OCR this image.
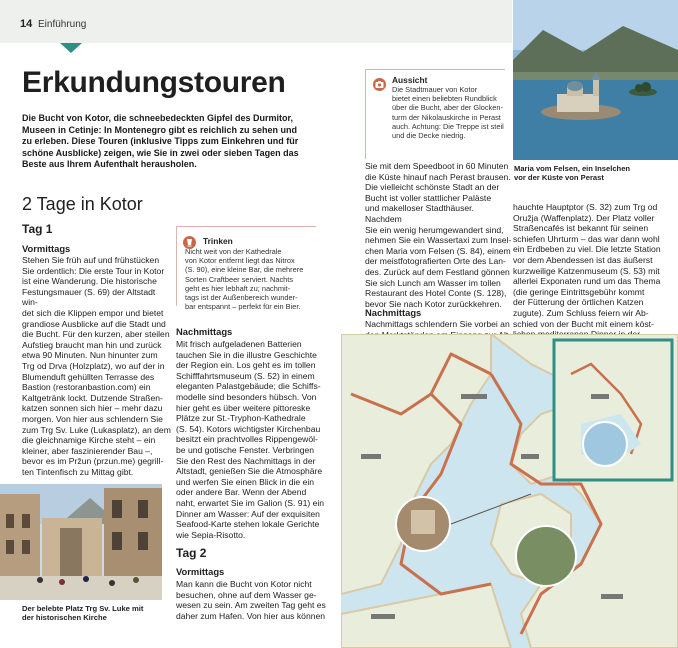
14 Einführung
Erkundungstouren
Die Bucht von Kotor, die schneebedeckten Gipfel des Durmitor,
Museen in Cetinje: In Montenegro gibt es reichlich zu sehen und
zu erleben. Diese Touren (inklusive Tipps zum Einkehren und für
schöne Ausblicke) zeigen, wie Sie in zwei oder sieben Tagen das
Beste aus Ihrem Aufenthalt herausholen.
2 Tage in Kotor
Tag 1
Vormittags
Stehen Sie früh auf und frühstücken
Sie ordentlich: Die erste Tour in Kotor
ist eine Wanderung. Die historische
Festungsmauer (S. 69) der Altstadt win-
det sich die Klippen empor und bietet
grandiose Ausblicke auf die Stadt und
die Bucht. Für den kurzen, aber steilen
Aufstieg braucht man hin und zurück
etwa 90 Minuten. Nun hinunter zum
Trg od Drva (Holzplatz), wo auf der in
Blumenduft gehüllten Terrasse des
Bastion (restoranbastion.com) ein
Kaltgetränk lockt. Dutzende Straßen-
katzen sonnen sich hier – mehr dazu
morgen. Von hier aus schlendern Sie
zum Trg Sv. Luke (Lukasplatz), an dem
die gleichnamige Kirche steht – ein
kleiner, aber faszinierender Bau –,
bevor es im Pržun (przun.me) gegrill-
ten Tintenfisch zu Mittag gibt.
Der belebte Platz Trg Sv. Luke mit
der historischen Kirche
Trinken
Nicht weit von der Kathedrale
von Kotor entfernt liegt das Nitrox
(S. 90), eine kleine Bar, die mehrere
Sorten Craftbeer serviert. Nachts
geht es hier lebhaft zu; nachmit-
tags ist der Außenbereich wunder-
bar entspannt – perfekt für ein Bier.
Nachmittags
Mit frisch aufgeladenen Batterien
tauchen Sie in die illustre Geschichte
der Region ein. Los geht es im tollen
Schifffahrtsmuseum (S. 52) in einem
eleganten Palastgebäude; die Schiffs-
modelle sind besonders hübsch. Von
hier geht es über weitere pittoreske
Plätze zur St.-Tryphon-Kathedrale
(S. 54). Kotors wichtigster Kirchenbau
besitzt ein prachtvolles Rippengewöl-
be und gotische Fenster. Verbringen
Sie den Rest des Nachmittags in der
Altstadt, genießen Sie die Atmosphäre
und werfen Sie einen Blick in die ein
oder andere Bar. Wenn der Abend
naht, erwartet Sie im Galion (S. 91) ein
Dinner am Wasser: Auf der exquisiten
Seafood-Karte stehen lokale Gerichte
wie Sepia-Risotto.
Tag 2
Vormittags
Man kann die Bucht von Kotor nicht
besuchen, ohne auf dem Wasser ge-
wesen zu sein. Am zweiten Tag geht es
daher zum Hafen. Von hier aus können
Aussicht
Die Stadtmauer von Kotor
bietet einen beliebten Rundblick
über die Bucht, aber der Glocken-
turm der Nikolauskirche in Perast
auch. Achtung: Die Treppe ist steil
und die Decke niedrig.
Sie mit dem Speedboot in 60 Minuten
die Küste hinauf nach Perast brausen.
Die vielleicht schönste Stadt an der
Bucht ist voller stattlicher Paläste
und makelloser Stadthäuser. Nachdem
Sie ein wenig herumgewandert sind,
nehmen Sie ein Wassertaxi zum Insel-
chen Maria vom Felsen (S. 84), einem
der meistfotografierten Orte des Lan-
des. Zurück auf dem Festland gönnen
Sie sich Lunch am Wasser im tollen
Restaurant des Hotel Conte (S. 128),
bevor Sie nach Kotor zurückkehren.
Nachmittags
Nachmittags schlendern Sie vorbei an

Maria vom Felsen, ein Inselchen
vor der Küste von Perast
hauchte Hauptptor (S. 32) zum Trg od
Oružja (Waffenplatz). Der Platz voller
Straßencafés ist bekannt für seinen
schiefen Uhrturm – das war dann wohl
ein Erdbeben zu viel. Die letzte Station
vor dem Abendessen ist das äußerst
kurzweilige Katzenmuseum (S. 53) mit
allerlei Exponaten rund um das Thema
(die geringe Eintrittsgebühr kommt
der Fütterung der örtlichen Katzen
zugute). Zum Schluss feiern wir Ab-
schied von der Bucht mit einem köst-
